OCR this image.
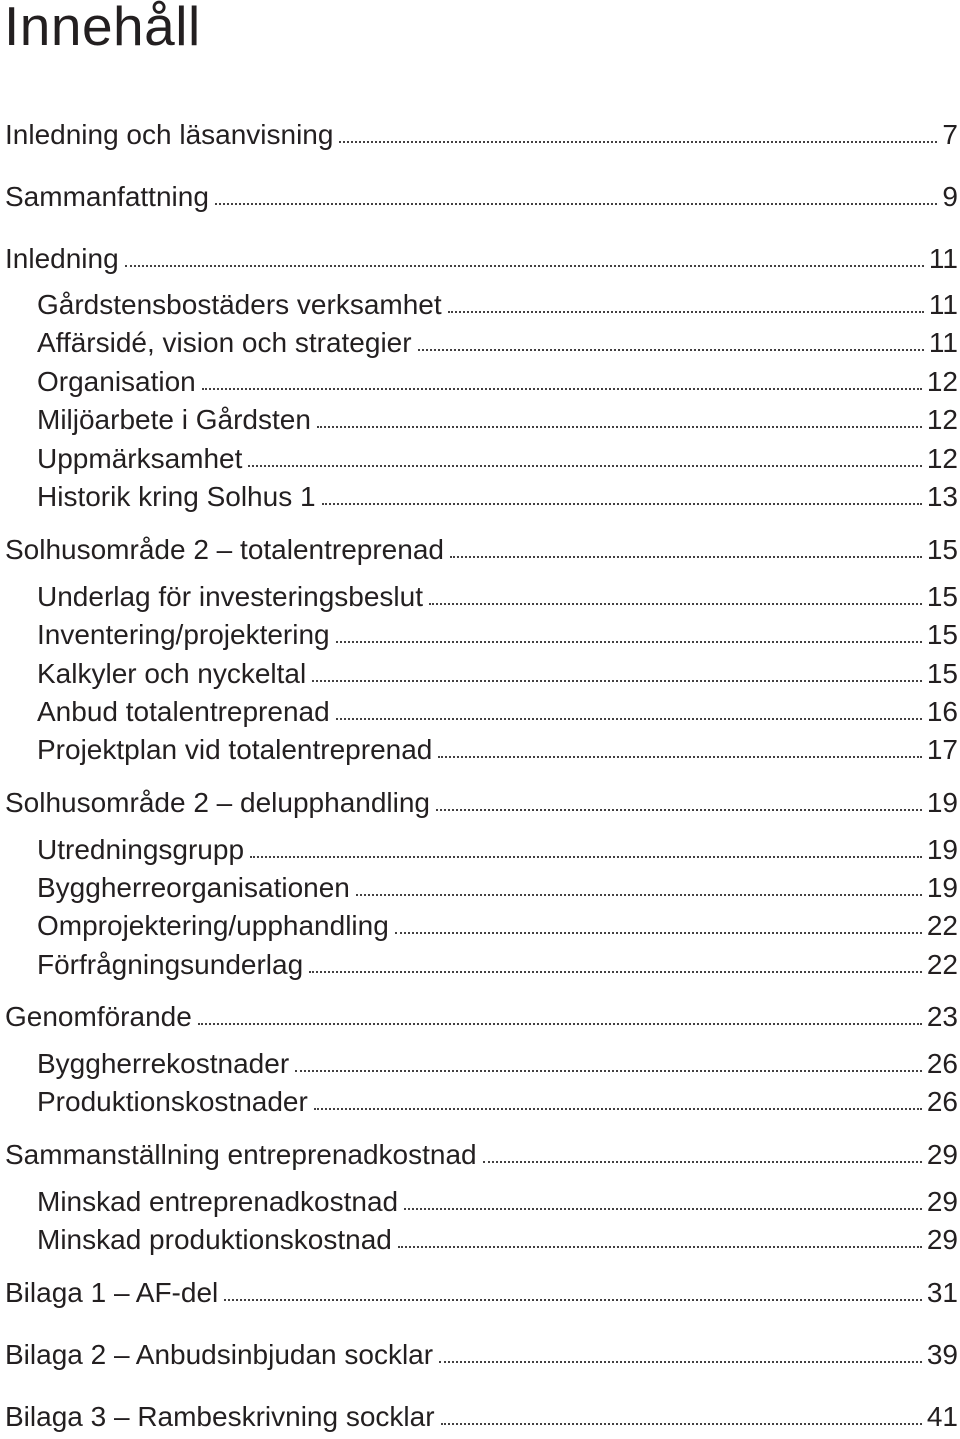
Innehåll
Inledning och läsanvisning	7
Sammanfattning	9
Inledning	11
Gårdstensbostäders verksamhet	11
Affärsidé, vision och strategier	11
Organisation	12
Miljöarbete i Gårdsten	12
Uppmärksamhet	12
Historik kring Solhus 1	13
Solhusområde 2 – totalentreprenad	15
Underlag för investeringsbeslut	15
Inventering/projektering	15
Kalkyler och nyckeltal	15
Anbud totalentreprenad	16
Projektplan vid totalentreprenad	17
Solhusområde 2 – delupphandling	19
Utredningsgrupp	19
Byggherreorganisationen	19
Omprojektering/upphandling	22
Förfrågningsunderlag	22
Genomförande	23
Byggherrekostnader	26
Produktionskostnader	26
Sammanställning entreprenadkostnad	29
Minskad entreprenadkostnad	29
Minskad produktionskostnad	29
Bilaga 1 – AF-del	31
Bilaga 2 – Anbudsinbjudan socklar	39
Bilaga 3 – Rambeskrivning socklar	41
